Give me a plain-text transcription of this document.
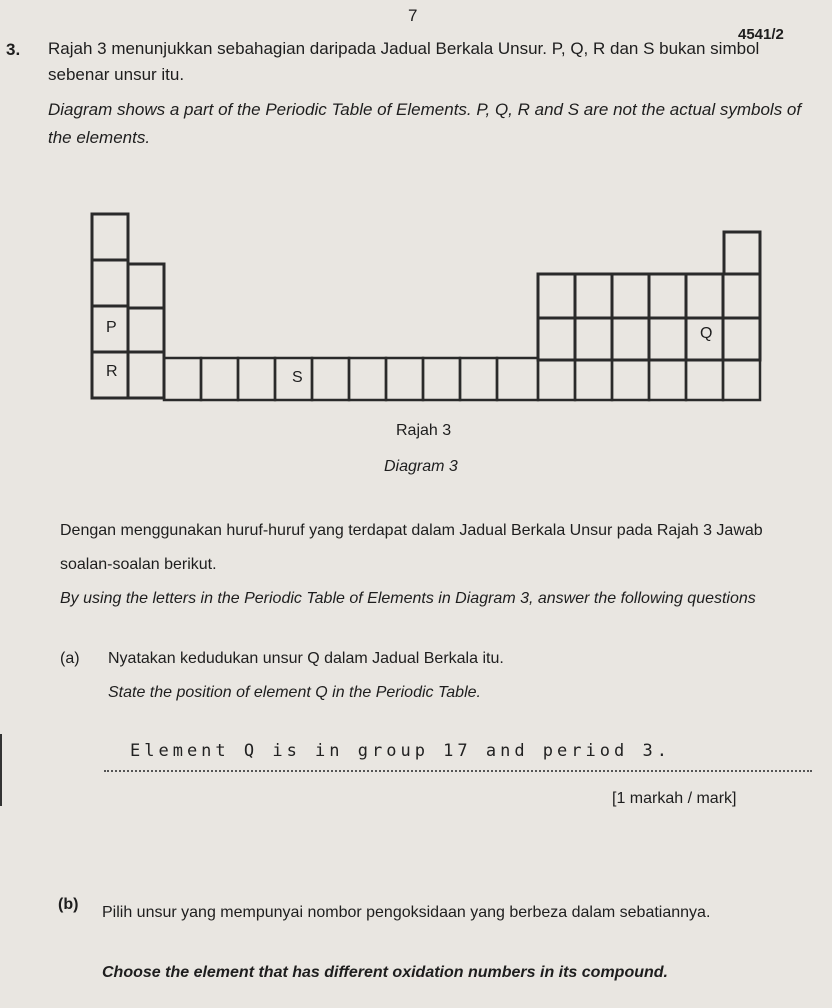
7
4541/2
3. Rajah 3 menunjukkan sebahagian daripada Jadual Berkala Unsur. P, Q, R dan S bukan simbol sebenar unsur itu.
Diagram shows a part of the Periodic Table of Elements. P, Q, R and S are not the actual symbols of the elements.
P
R	S
Q
Rajah 3
Diagram 3
Dengan menggunakan huruf-huruf yang terdapat dalam Jadual Berkala Unsur pada Rajah 3 Jawab soalan-soalan berikut.
By using the letters in the Periodic Table of Elements in Diagram 3, answer the following questions
(a) Nyatakan kedudukan unsur Q dalam Jadual Berkala itu.
State the position of element Q in the Periodic Table.
Element Q is in group 17 and period 3.
[1 markah / mark]
(b) Pilih unsur yang mempunyai nombor pengoksidaan yang berbeza dalam sebatiannya.
Choose the element that has different oxidation numbers in its compound.
